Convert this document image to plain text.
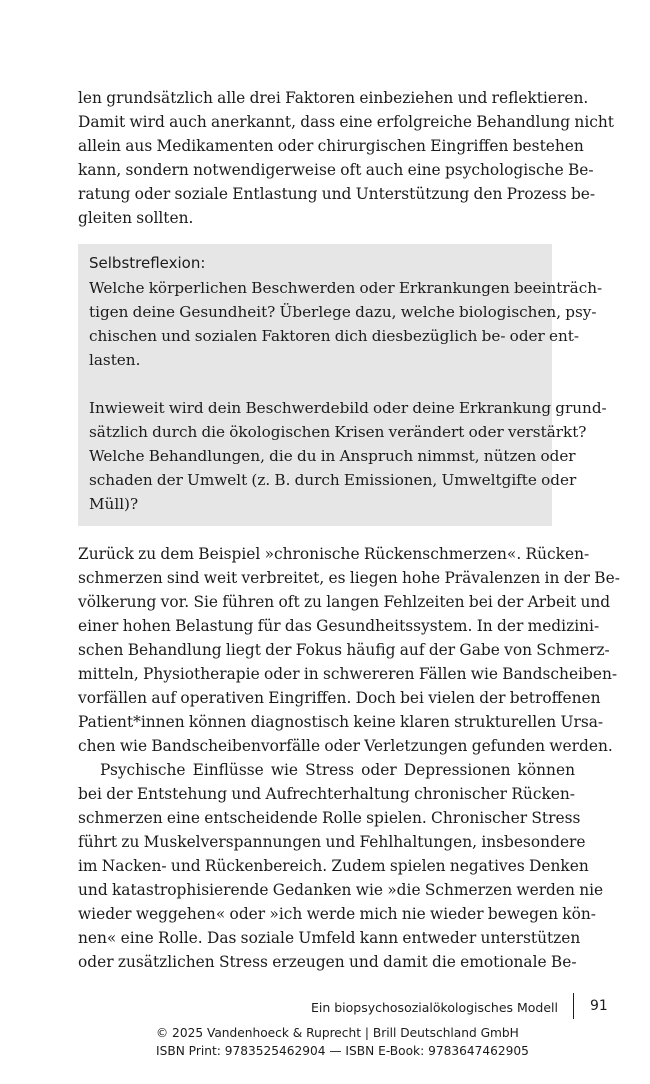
len grundsätzlich alle drei Faktoren einbeziehen und reflektieren.
Damit wird auch anerkannt, dass eine erfolgreiche Behandlung nicht
allein aus Medikamenten oder chirurgischen Eingriffen bestehen
kann, sondern notwendigerweise oft auch eine psychologische Be-
ratung oder soziale Entlastung und Unterstützung den Prozess be-
gleiten sollten.

Selbstreflexion:

Welche körperlichen Beschwerden oder Erkrankungen beeinträch-
tigen deine Gesundheit? Überlege dazu, welche biologischen, psy-
chischen und sozialen Faktoren dich diesbezüglich be- oder ent-
lasten.

Inwieweit wird dein Beschwerdebild oder deine Erkrankung grund-
sätzlich durch die ökologischen Krisen verändert oder verstärkt?
Welche Behandlungen, die du in Anspruch nimmst, nützen oder
schaden der Umwelt (z. B. durch Emissionen, Umweltgifte oder
Müll)?

Zurück zu dem Beispiel »chronische Rückenschmerzen«. Rücken-
schmerzen sind weit verbreitet, es liegen hohe Prävalenzen in der Be-
völkerung vor. Sie führen oft zu langen Fehlzeiten bei der Arbeit und
einer hohen Belastung für das Gesundheitssystem. In der medizini-
schen Behandlung liegt der Fokus häufig auf der Gabe von Schmerz-
mitteln, Physiotherapie oder in schwereren Fällen wie Bandscheiben-
vorfällen auf operativen Eingriffen. Doch bei vielen der betroffenen
Patient*innen können diagnostisch keine klaren strukturellen Ursa-
chen wie Bandscheibenvorfälle oder Verletzungen gefunden werden.

Psychische Einflüsse wie Stress oder Depressionen können
bei der Entstehung und Aufrechterhaltung chronischer Rücken-
schmerzen eine entscheidende Rolle spielen. Chronischer Stress
führt zu Muskelverspannungen und Fehlhaltungen, insbesondere
im Nacken- und Rückenbereich. Zudem spielen negatives Denken
und katastrophisierende Gedanken wie »die Schmerzen werden nie
wieder weggehen« oder »ich werde mich nie wieder bewegen kön-
nen« eine Rolle. Das soziale Umfeld kann entweder unterstützen
oder zusätzlichen Stress erzeugen und damit die emotionale Be-

Ein biopsychosozialökologisches Modell 91
© 2025 Vandenhoeck & Ruprecht | Brill Deutschland GmbH
ISBN Print: 9783525462904 — ISBN E-Book: 9783647462905
